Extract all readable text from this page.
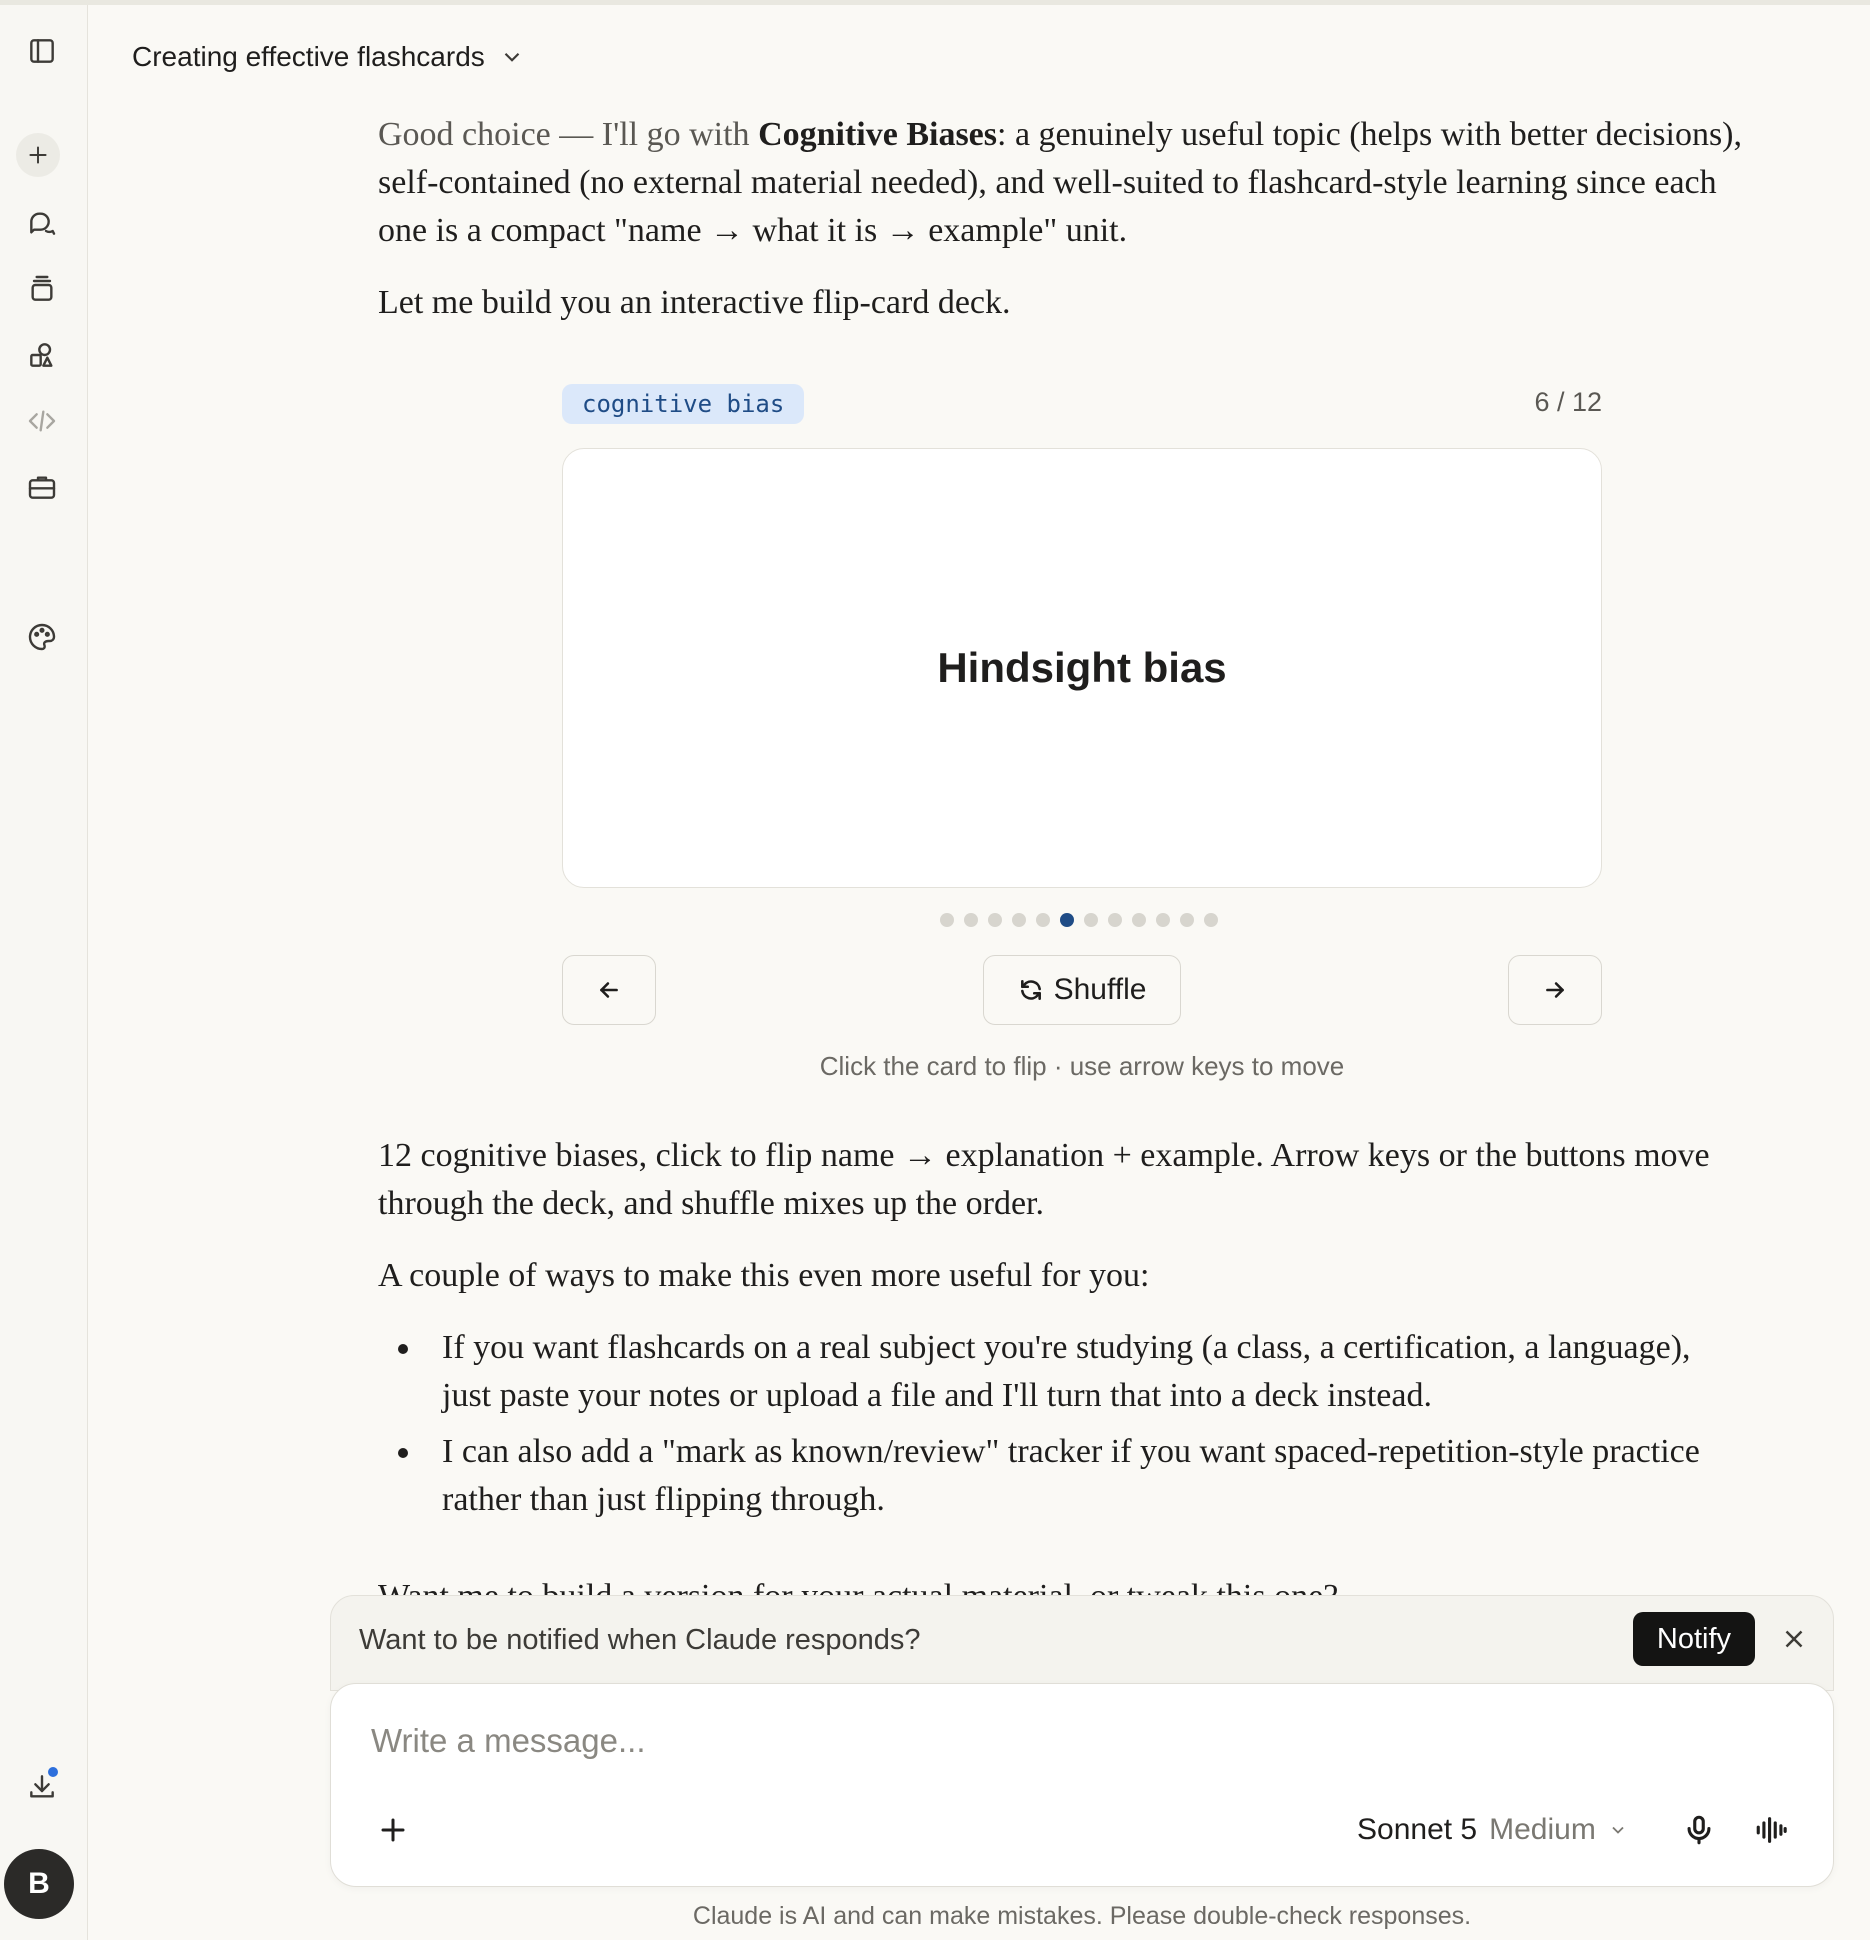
B
Creating effective flashcards

Good choice — I'll go with Cognitive Biases: a genuinely useful topic (helps with better decisions), self-contained (no external material needed), and well-suited to flashcard-style learning since each one is a compact "name → what it is → example" unit.

Let me build you an interactive flip-card deck.

cognitive bias	6 / 12
Hindsight bias
Shuffle
Click the card to flip · use arrow keys to move

12 cognitive biases, click to flip name → explanation + example. Arrow keys or the buttons move through the deck, and shuffle mixes up the order.

A couple of ways to make this even more useful for you:

If you want flashcards on a real subject you're studying (a class, a certification, a language), just paste your notes or upload a file and I'll turn that into a deck instead.
I can also add a "mark as known/review" tracker if you want spaced-repetition-style practice rather than just flipping through.
Want to be notified when Claude responds?	Notify
Write a message...
Sonnet 5 Medium
Claude is AI and can make mistakes. Please double-check responses.
